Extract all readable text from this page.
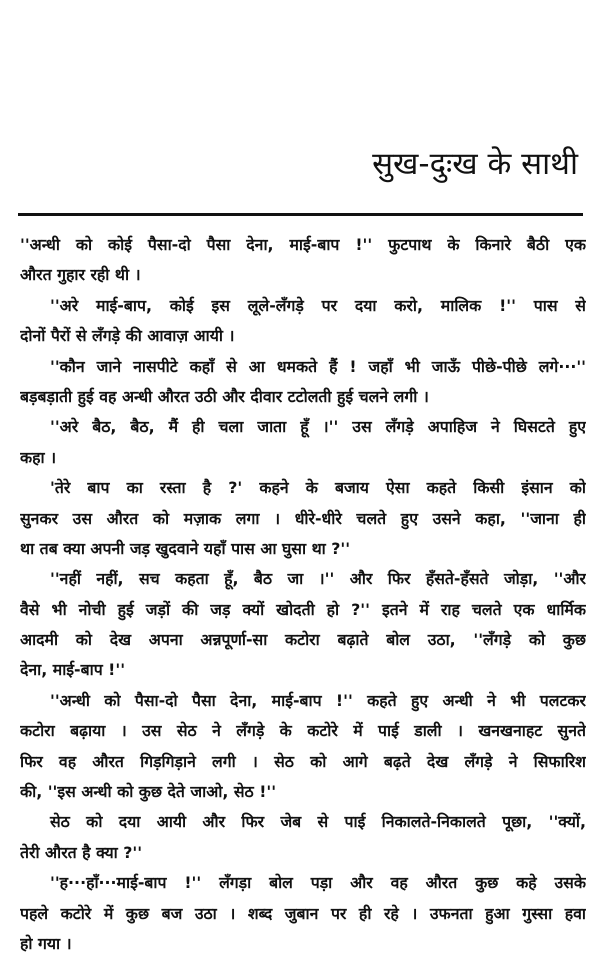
सुख-दुःख के साथी
''अन्धी को कोई पैसा-दो पैसा देना, माई-बाप !'' फुटपाथ के किनारे बैठी एक
औरत गुहार रही थी ।
''अरे माई-बाप, कोई इस लूले-लँगड़े पर दया करो, मालिक !'' पास से
दोनों पैरों से लँगड़े की आवाज़ आयी ।
''कौन जाने नासपीटे कहाँ से आ धमकते हैं ! जहाँ भी जाऊँ पीछे-पीछे लगे···''
बड़बड़ाती हुई वह अन्धी औरत उठी और दीवार टटोलती हुई चलने लगी ।
''अरे बैठ, बैठ, मैं ही चला जाता हूँ ।'' उस लँगड़े अपाहिज ने घिसटते हुए
कहा ।
'तेरे बाप का रस्ता है ?' कहने के बजाय ऐसा कहते किसी इंसान को
सुनकर उस औरत को मज़ाक लगा । धीरे-धीरे चलते हुए उसने कहा, ''जाना ही
था तब क्या अपनी जड़ खुदवाने यहाँ पास आ घुसा था ?''
''नहीं नहीं, सच कहता हूँ, बैठ जा ।'' और फिर हँसते-हँसते जोड़ा, ''और
वैसे भी नोची हुई जड़ों की जड़ क्यों खोदती हो ?'' इतने में राह चलते एक धार्मिक
आदमी को देख अपना अन्नपूर्णा-सा कटोरा बढ़ाते बोल उठा, ''लँगड़े को कुछ
देना, माई-बाप !''
''अन्धी को पैसा-दो पैसा देना, माई-बाप !'' कहते हुए अन्धी ने भी पलटकर
कटोरा बढ़ाया । उस सेठ ने लँगड़े के कटोरे में पाई डाली । खनखनाहट सुनते
फिर वह औरत गिड़गिड़ाने लगी । सेठ को आगे बढ़ते देख लँगड़े ने सिफारिश
की, ''इस अन्धी को कुछ देते जाओ, सेठ !''
सेठ को दया आयी और फिर जेब से पाई निकालते-निकालते पूछा, ''क्यों,
तेरी औरत है क्या ?''
''ह···हाँ···माई-बाप !'' लँगड़ा बोल पड़ा और वह औरत कुछ कहे उसके
पहले कटोरे में कुछ बज उठा । शब्द जुबान पर ही रहे । उफनता हुआ गुस्सा हवा
हो गया ।
